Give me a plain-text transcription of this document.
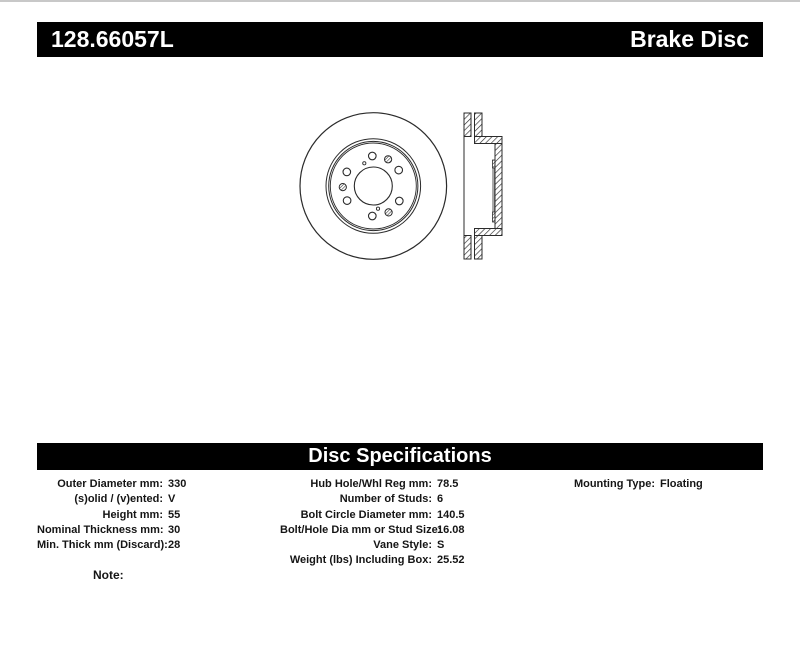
128.66057L	Brake Disc
Disc Specifications
Outer Diameter mm: 330
(s)olid / (v)ented: V
Height mm: 55
Nominal Thickness mm: 30
Min. Thick mm (Discard):28
Hub Hole/Whl Reg mm: 78.5
Number of Studs: 6
Bolt Circle Diameter mm: 140.5
Bolt/Hole Dia mm or Stud Size:16.08
Vane Style: S
Weight (lbs) Including Box: 25.52
Mounting Type: Floating
Note:
